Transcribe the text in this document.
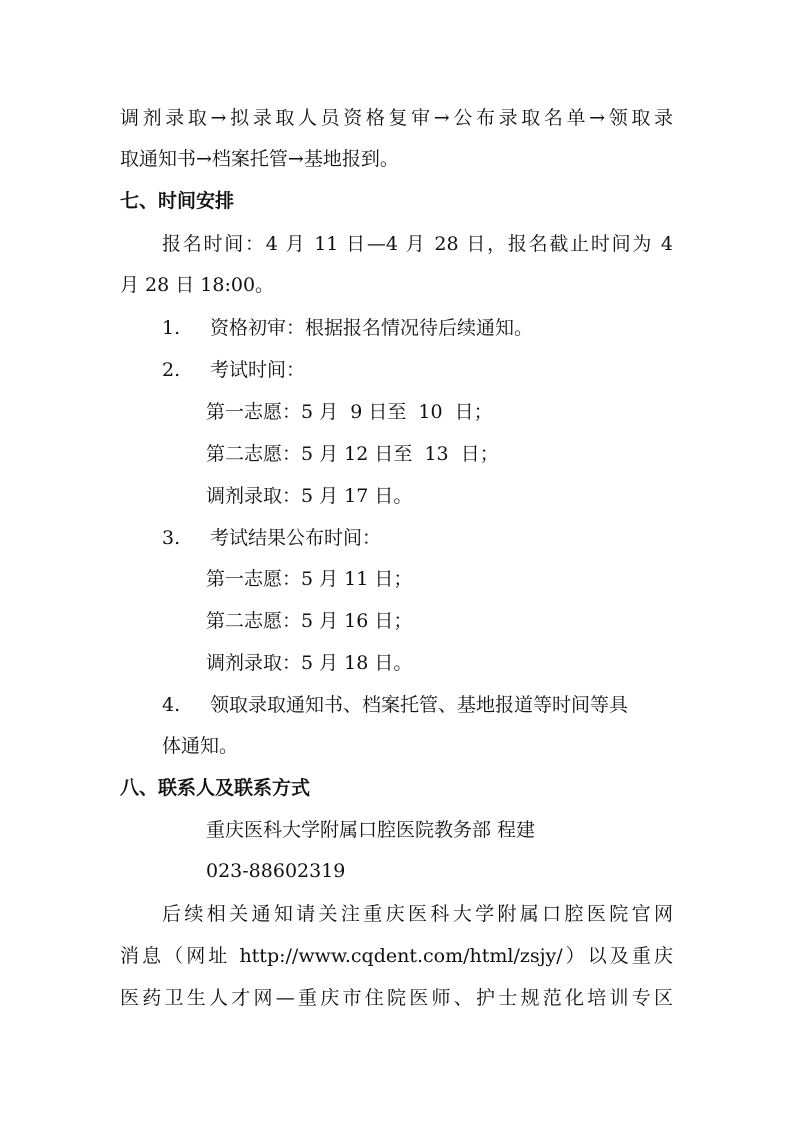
调剂录取→拟录取人员资格复审→公布录取名单→领取录
取通知书→档案托管→基地报到。
七、时间安排
报名时间：4 月 11 日—4 月 28 日，报名截止时间为 4
月 28 日 18:00。
1. 资格初审：根据报名情况待后续通知。
2. 考试时间：
第一志愿：5 月  9 日至  10  日；
第二志愿：5 月 12 日至  13  日；
调剂录取：5 月 17 日。
3. 考试结果公布时间：
第一志愿：5 月 11 日；
第二志愿：5 月 16 日；
调剂录取：5 月 18 日。
4. 领取录取通知书、档案托管、基地报道等时间等具
体通知。
八、联系人及联系方式
重庆医科大学附属口腔医院教务部 程建
023-88602319
后续相关通知请关注重庆医科大学附属口腔医院官网
消息（网址 http://www.cqdent.com/html/zsjy/）以及重庆
医药卫生人才网—重庆市住院医师、护士规范化培训专区
